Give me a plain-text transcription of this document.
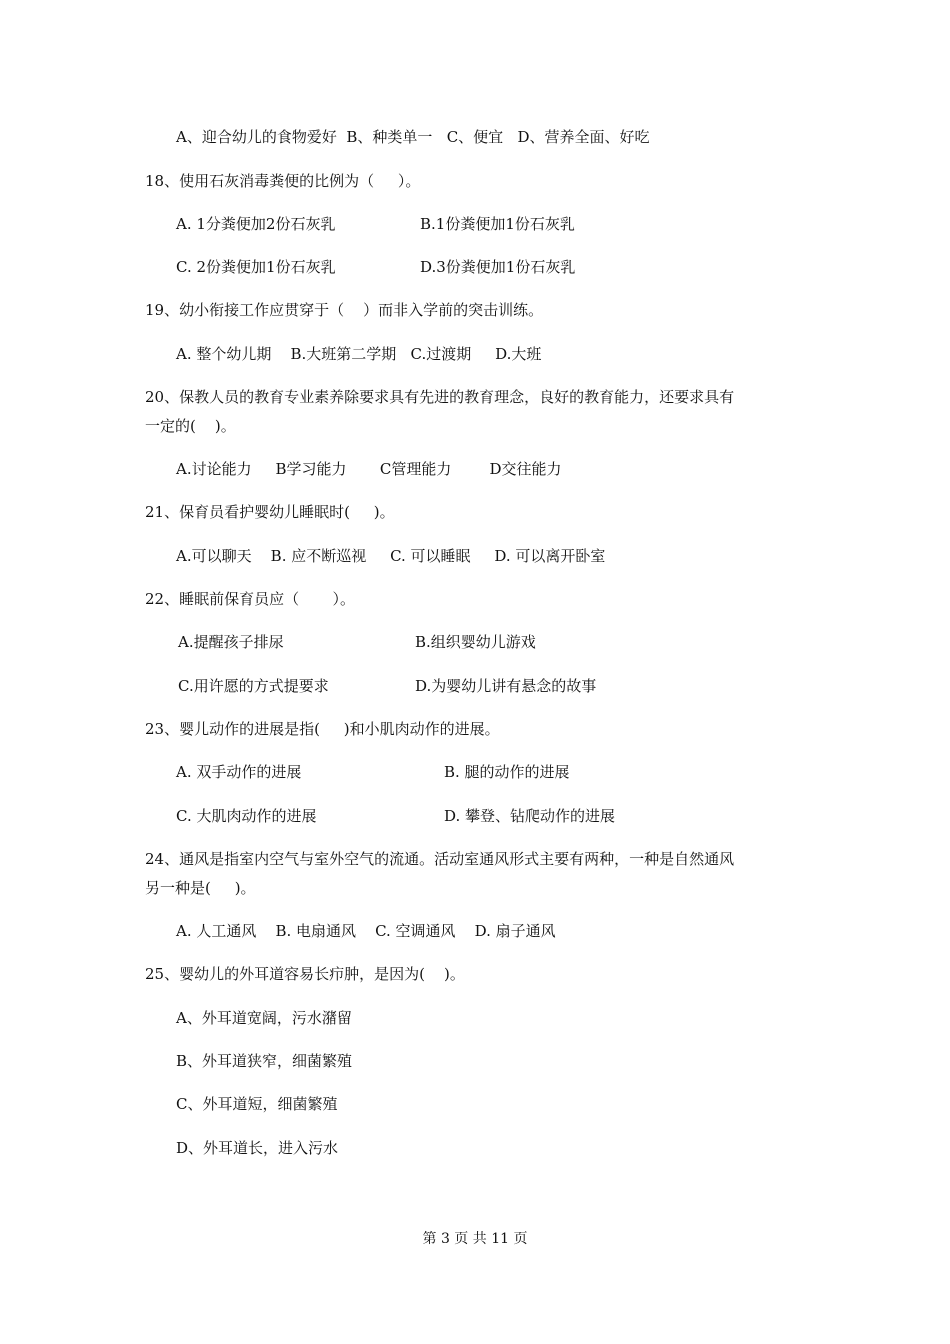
A、迎合幼儿的食物爱好  B、种类单一   C、便宜   D、营养全面、好吃
18、使用石灰消毒粪便的比例为（     ）。
A. 1分粪便加2份石灰乳	B.1份粪便加1份石灰乳
C. 2份粪便加1份石灰乳	D.3份粪便加1份石灰乳
19、幼小衔接工作应贯穿于（    ）而非入学前的突击训练。
A. 整个幼儿期    B.大班第二学期   C.过渡期     D.大班
20、保教人员的教育专业素养除要求具有先进的教育理念，良好的教育能力，还要求具有
一定的(    )。
A.讨论能力     B学习能力       C管理能力        D交往能力
21、保育员看护婴幼儿睡眠时(     )。
A.可以聊天    B. 应不断巡视     C. 可以睡眠     D. 可以离开卧室
22、睡眠前保育员应（       ）。
A.提醒孩子排尿	B.组织婴幼儿游戏
C.用许愿的方式提要求	D.为婴幼儿讲有悬念的故事
23、婴儿动作的进展是指(     )和小肌肉动作的进展。
A. 双手动作的进展	B. 腿的动作的进展
C. 大肌肉动作的进展	D. 攀登、钻爬动作的进展
24、通风是指室内空气与室外空气的流通。活动室通风形式主要有两种，一种是自然通风
另一种是(     )。
A. 人工通风    B. 电扇通风    C. 空调通风    D. 扇子通风
25、婴幼儿的外耳道容易长疖肿，是因为(    )。
A、外耳道宽阔，污水潴留
B、外耳道狭窄，细菌繁殖
C、外耳道短，细菌繁殖
D、外耳道长，进入污水
第 3 页 共 11 页
